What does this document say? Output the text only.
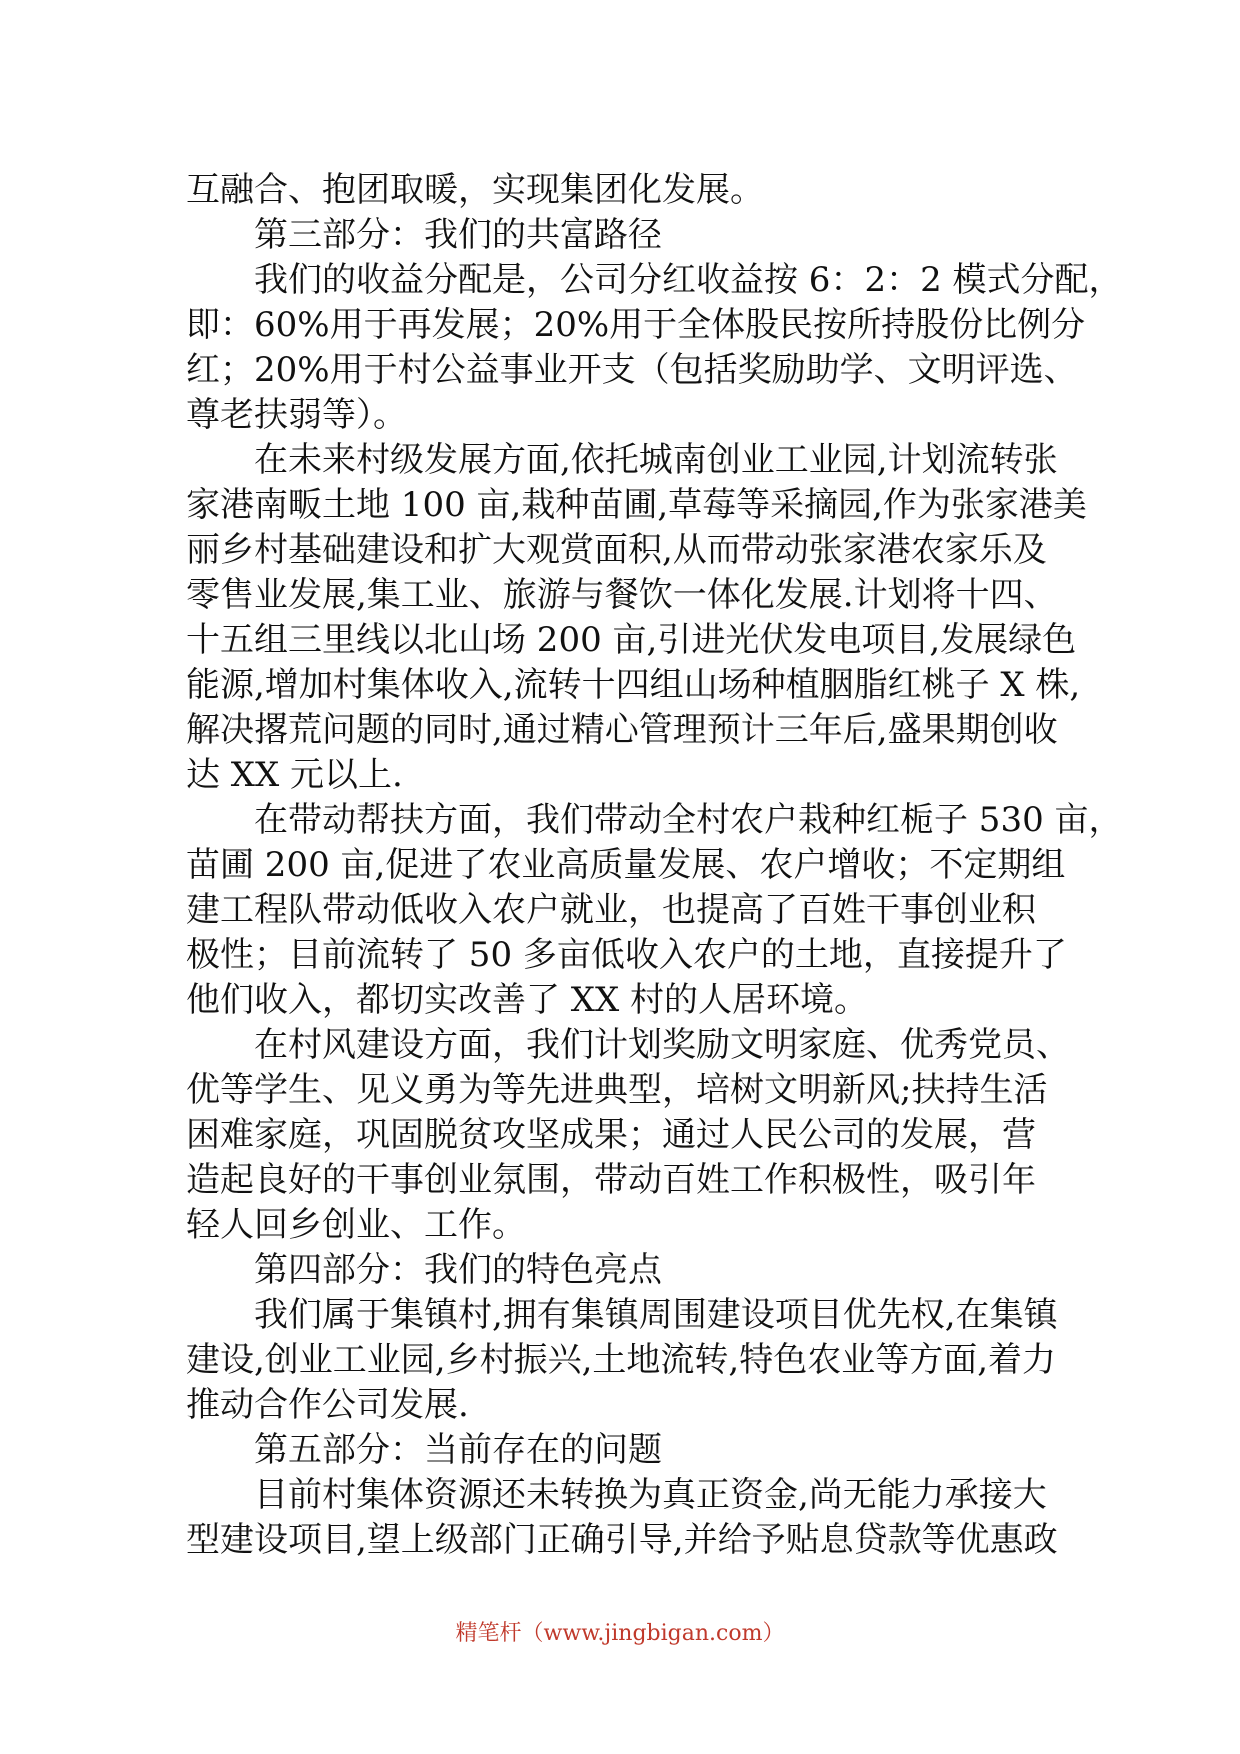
互融合、抱团取暖，实现集团化发展。
第三部分：我们的共富路径
我们的收益分配是，公司分红收益按 6：2：2 模式分配，
即：60%用于再发展；20%用于全体股民按所持股份比例分
红；20%用于村公益事业开支（包括奖励助学、文明评选、
尊老扶弱等）。
在未来村级发展方面,依托城南创业工业园,计划流转张
家港南畈土地 100 亩,栽种苗圃,草莓等采摘园,作为张家港美
丽乡村基础建设和扩大观赏面积,从而带动张家港农家乐及
零售业发展,集工业、旅游与餐饮一体化发展.计划将十四、
十五组三里线以北山场 200 亩,引进光伏发电项目,发展绿色
能源,增加村集体收入,流转十四组山场种植胭脂红桃子 X 株,
解决撂荒问题的同时,通过精心管理预计三年后,盛果期创收
达 XX 元以上.
在带动帮扶方面，我们带动全村农户栽种红栀子 530 亩，
苗圃 200 亩,促进了农业高质量发展、农户增收；不定期组
建工程队带动低收入农户就业，也提高了百姓干事创业积
极性；目前流转了 50 多亩低收入农户的土地，直接提升了
他们收入，都切实改善了 XX 村的人居环境。
在村风建设方面，我们计划奖励文明家庭、优秀党员、
优等学生、见义勇为等先进典型，培树文明新风;扶持生活
困难家庭，巩固脱贫攻坚成果；通过人民公司的发展，营
造起良好的干事创业氛围，带动百姓工作积极性，吸引年
轻人回乡创业、工作。
第四部分：我们的特色亮点
我们属于集镇村,拥有集镇周围建设项目优先权,在集镇
建设,创业工业园,乡村振兴,土地流转,特色农业等方面,着力
推动合作公司发展.
第五部分：当前存在的问题
目前村集体资源还未转换为真正资金,尚无能力承接大
型建设项目,望上级部门正确引导,并给予贴息贷款等优惠政
精笔杆（www.jingbigan.com）
